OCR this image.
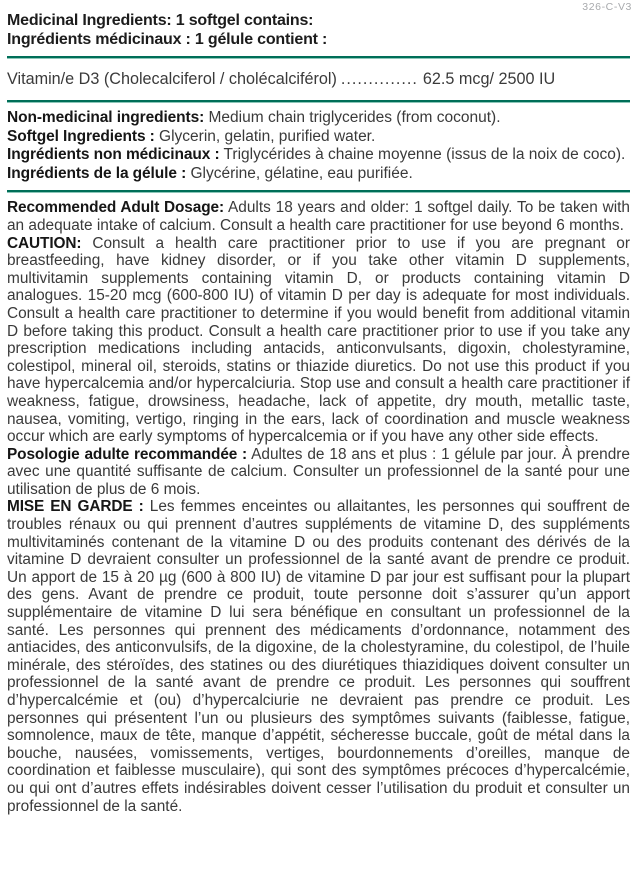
326-C-V3
Medicinal Ingredients: 1 softgel contains:
Ingrédients médicinaux : 1 gélule contient :
Vitamin/e D3 (Cholecalciferol / cholécalciférol) .............. 62.5 mcg/ 2500 IU

Non-medicinal ingredients: Medium chain triglycerides (from coconut).

Softgel Ingredients : Glycerin, gelatin, purified water.

Ingrédients non médicinaux : Triglycérides à chaine moyenne (issus de la noix de coco).

Ingrédients de la gélule : Glycérine, gélatine, eau purifiée.

Recommended Adult Dosage: Adults 18 years and older: 1 softgel daily. To be taken with an adequate intake of calcium. Consult a health care practitioner for use beyond 6 months.

CAUTION: Consult a health care practitioner prior to use if you are pregnant or breastfeeding, have kidney disorder, or if you take other vitamin D supplements, multivitamin supplements containing vitamin D, or products containing vitamin D analogues. 15-20 mcg (600-800 IU) of vitamin D per day is adequate for most individuals. Consult a health care practitioner to determine if you would benefit from additional vitamin D before taking this product. Consult a health care practitioner prior to use if you take any prescription medications including antacids, anticonvulsants, digoxin, cholestyramine, colestipol, mineral oil, steroids, statins or thiazide diuretics. Do not use this product if you have hypercalcemia and/or hypercalciuria. Stop use and consult a health care practitioner if weakness, fatigue, drowsiness, headache, lack of appetite, dry mouth, metallic taste, nausea, vomiting, vertigo, ringing in the ears, lack of coordination and muscle weakness occur which are early symptoms of hypercalcemia or if you have any other side effects.

Posologie adulte recommandée : Adultes de 18 ans et plus : 1 gélule par jour. À prendre avec une quantité suffisante de calcium. Consulter un professionnel de la santé pour une utilisation de plus de 6 mois.

MISE EN GARDE : Les femmes enceintes ou allaitantes, les personnes qui souffrent de troubles rénaux ou qui prennent d’autres suppléments de vitamine D, des suppléments multivitaminés contenant de la vitamine D ou des produits contenant des dérivés de la vitamine D devraient consulter un professionnel de la santé avant de prendre ce produit. Un apport de 15 à 20 µg (600 à 800 IU) de vitamine D par jour est suffisant pour la plupart des gens. Avant de prendre ce produit, toute personne doit s’assurer qu’un apport supplémentaire de vitamine D lui sera bénéfique en consultant un professionnel de la santé. Les personnes qui prennent des médicaments d’ordonnance, notamment des antiacides, des anticonvulsifs, de la digoxine, de la cholestyramine, du colestipol, de l’huile minérale, des stéroïdes, des statines ou des diurétiques thiazidiques doivent consulter un professionnel de la santé avant de prendre ce produit. Les personnes qui souffrent d’hypercalcémie et (ou) d’hypercalciurie ne devraient pas prendre ce produit. Les personnes qui présentent l’un ou plusieurs des symptômes suivants (faiblesse, fatigue, somnolence, maux de tête, manque d’appétit, sécheresse buccale, goût de métal dans la bouche, nausées, vomissements, vertiges, bourdonnements d’oreilles, manque de coordination et faiblesse musculaire), qui sont des symptômes précoces d’hypercalcémie, ou qui ont d’autres effets indésirables doivent cesser l’utilisation du produit et consulter un professionnel de la santé.
